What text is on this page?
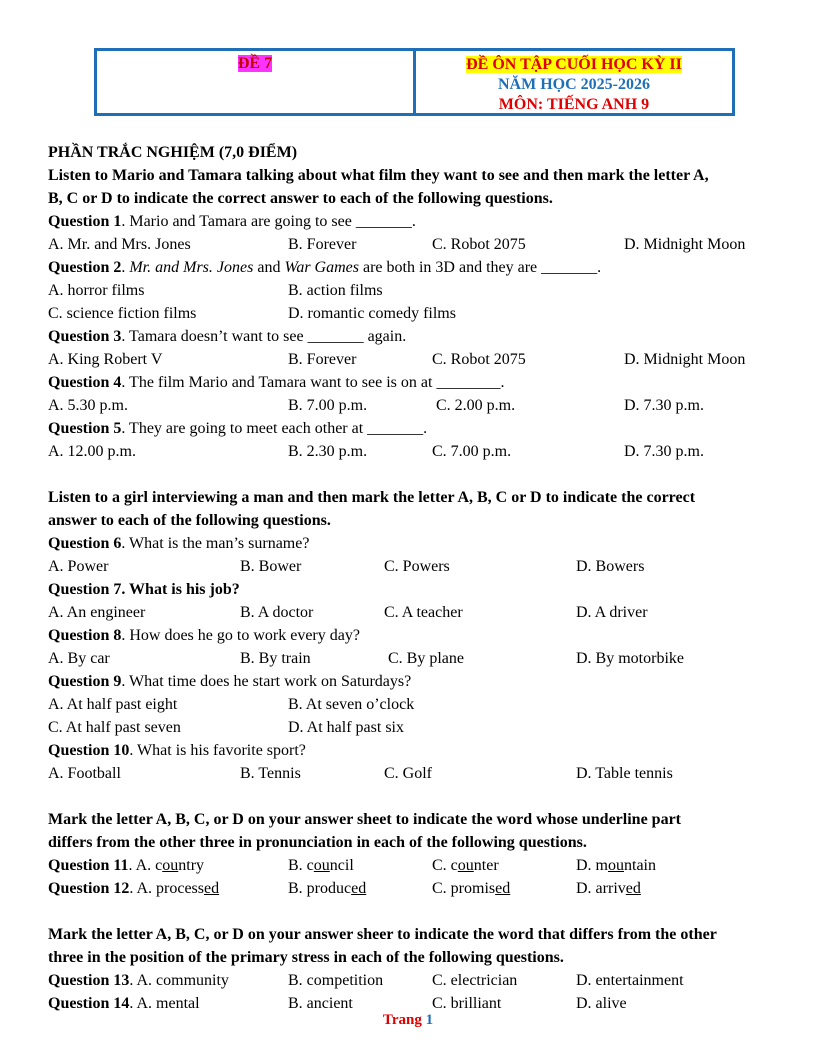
ĐỀ 7	ĐỀ ÔN TẬP CUỐI HỌC KỲ II
NĂM HỌC 2025-2026
MÔN: TIẾNG ANH 9
PHẦN TRẮC NGHIỆM (7,0 ĐIỂM)
Listen to Mario and Tamara talking about what film they want to see and then mark the letter A,
B, C or D to indicate the correct answer to each of the following questions.
Question 1. Mario and Tamara are going to see _______.
A. Mr. and Mrs. Jones	B. Forever	C. Robot 2075	D. Midnight Moon
Question 2. Mr. and Mrs. Jones and War Games are both in 3D and they are _______.
A. horror films	B. action films
C. science fiction films	D. romantic comedy films
Question 3. Tamara doesn’t want to see _______ again.
A. King Robert V	B. Forever	C. Robot 2075	D. Midnight Moon
Question 4. The film Mario and Tamara want to see is on at ________.
A. 5.30 p.m.	B. 7.00 p.m.	C. 2.00 p.m.	D. 7.30 p.m.
Question 5. They are going to meet each other at _______.
A. 12.00 p.m.	B. 2.30 p.m.	C. 7.00 p.m.	D. 7.30 p.m.
Listen to a girl interviewing a man and then mark the letter A, B, C or D to indicate the correct
answer to each of the following questions.
Question 6. What is the man’s surname?
A. Power	B. Bower	C. Powers	D. Bowers
Question 7. What is his job?
A. An engineer	B. A doctor	C. A teacher	D. A driver
Question 8. How does he go to work every day?
A. By car	B. By train	C. By plane	D. By motorbike
Question 9. What time does he start work on Saturdays?
A. At half past eight	B. At seven o’clock
C. At half past seven	D. At half past six
Question 10. What is his favorite sport?
A. Football	B. Tennis	C. Golf	D. Table tennis
Mark the letter A, B, C, or D on your answer sheet to indicate the word whose underline part
differs from the other three in pronunciation in each of the following questions.
Question 11. A. country	B. council	C. counter	D. mountain
Question 12. A. processed	B. produced	C. promised	D. arrived
Mark the letter A, B, C, or D on your answer sheer to indicate the word that differs from the other
three in the position of the primary stress in each of the following questions.
Question 13. A. community	B. competition	C. electrician	D. entertainment
Question 14. A. mental	B. ancient	C. brilliant	D. alive
Trang 1
